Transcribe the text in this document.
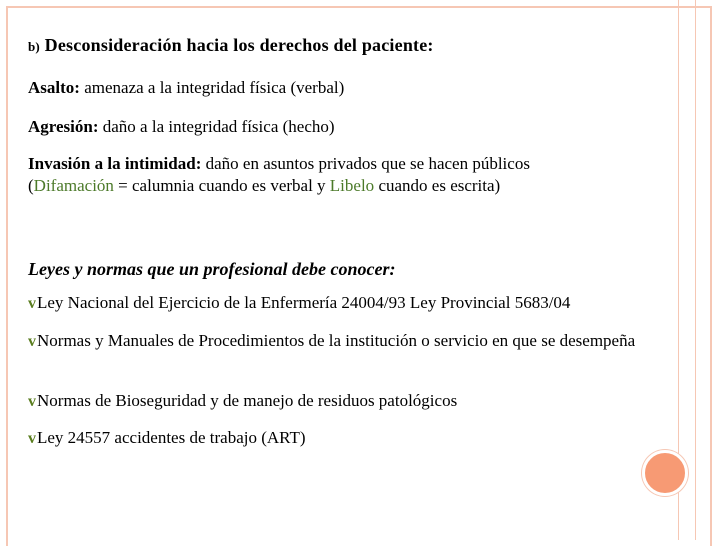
b) Desconsideración hacia los derechos del paciente:
Asalto: amenaza a la integridad física (verbal)
Agresión: daño a la integridad física (hecho)
Invasión a la intimidad: daño en asuntos privados que se hacen públicos
(Difamación = calumnia cuando es verbal y Libelo cuando es escrita)
Leyes y normas que un profesional debe conocer:
vLey Nacional del Ejercicio de la Enfermería 24004/93 Ley Provincial 5683/04
vNormas y Manuales de Procedimientos de la institución o servicio en que se desempeña
vNormas de Bioseguridad y de manejo de residuos patológicos
vLey 24557 accidentes de trabajo (ART)
